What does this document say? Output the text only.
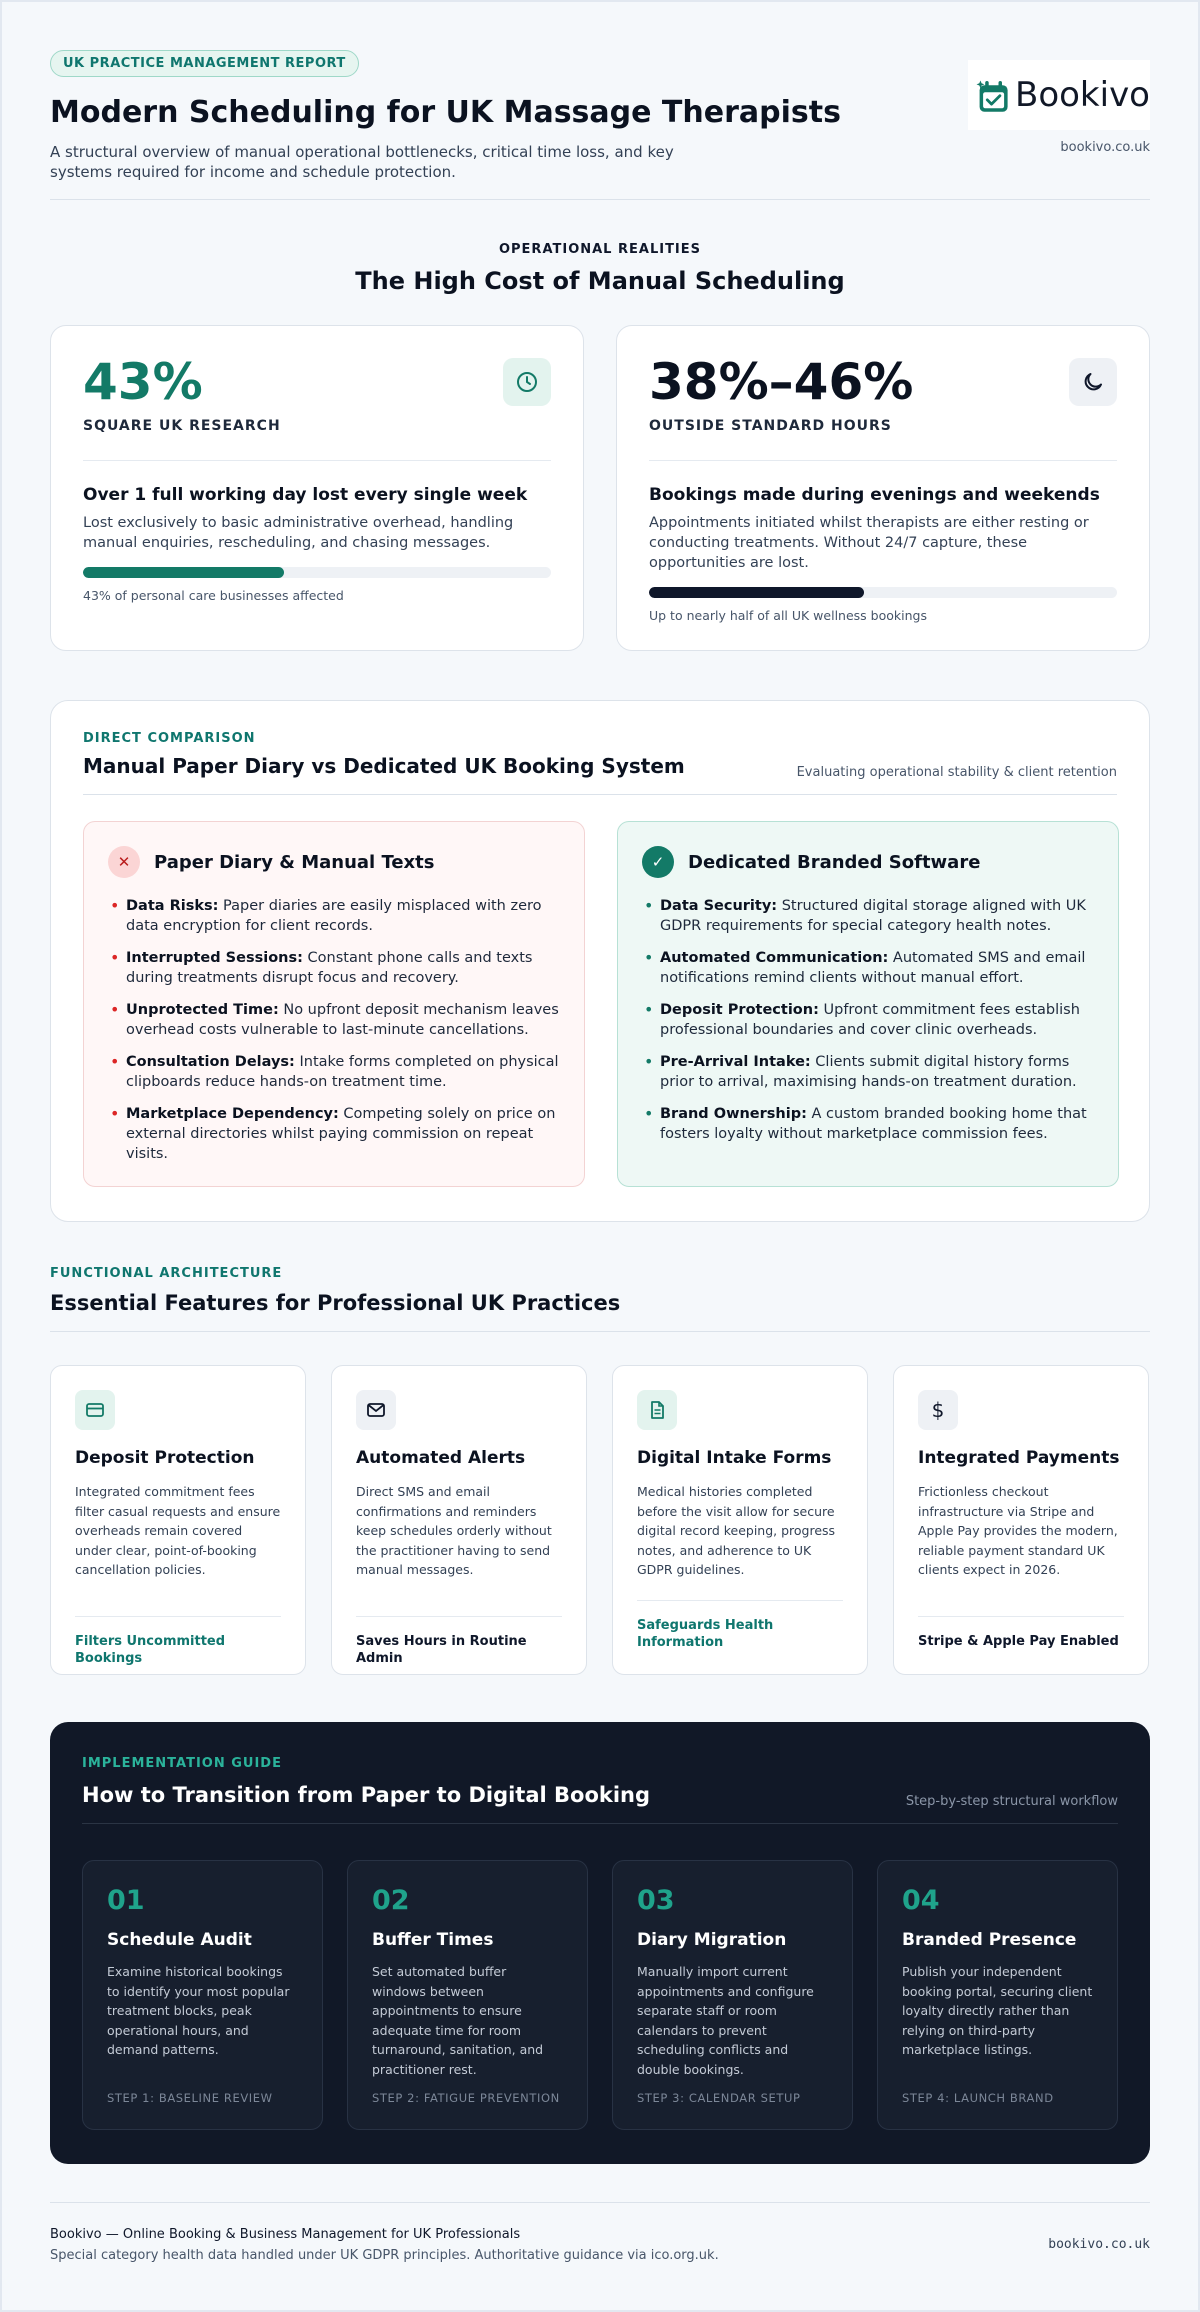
UK PRACTICE MANAGEMENT REPORT
Modern Scheduling for UK Massage Therapists
A structural overview of manual operational bottlenecks, critical time loss, and key systems required for income and schedule protection.
Bookivo
bookivo.co.uk
OPERATIONAL REALITIES
The High Cost of Manual Scheduling
43%
SQUARE UK RESEARCH
Over 1 full working day lost every single week
Lost exclusively to basic administrative overhead, handling manual enquiries, rescheduling, and chasing messages.
43% of personal care businesses affected
38%–46%
OUTSIDE STANDARD HOURS
Bookings made during evenings and weekends
Appointments initiated whilst therapists are either resting or conducting treatments. Without 24/7 capture, these opportunities are lost.
Up to nearly half of all UK wellness bookings
DIRECT COMPARISON
Manual Paper Diary vs Dedicated UK Booking System	Evaluating operational stability & client retention
✕	Paper Diary & Manual Texts
• Data Risks: Paper diaries are easily misplaced with zero data encryption for client records.
• Interrupted Sessions: Constant phone calls and texts during treatments disrupt focus and recovery.
• Unprotected Time: No upfront deposit mechanism leaves overhead costs vulnerable to last-minute cancellations.
• Consultation Delays: Intake forms completed on physical clipboards reduce hands-on treatment time.
• Marketplace Dependency: Competing solely on price on external directories whilst paying commission on repeat visits.
✓	Dedicated Branded Software
• Data Security: Structured digital storage aligned with UK GDPR requirements for special category health notes.
• Automated Communication: Automated SMS and email notifications remind clients without manual effort.
• Deposit Protection: Upfront commitment fees establish professional boundaries and cover clinic overheads.
• Pre-Arrival Intake: Clients submit digital history forms prior to arrival, maximising hands-on treatment duration.
• Brand Ownership: A custom branded booking home that fosters loyalty without marketplace commission fees.
FUNCTIONAL ARCHITECTURE
Essential Features for Professional UK Practices
Deposit Protection
Integrated commitment fees filter casual requests and ensure overheads remain covered under clear, point-of-booking cancellation policies.
Filters Uncommitted Bookings
Automated Alerts
Direct SMS and email confirmations and reminders keep schedules orderly without the practitioner having to send manual messages.
Saves Hours in Routine Admin
Digital Intake Forms
Medical histories completed before the visit allow for secure digital record keeping, progress notes, and adherence to UK GDPR guidelines.
Safeguards Health Information
$
Integrated Payments
Frictionless checkout infrastructure via Stripe and Apple Pay provides the modern, reliable payment standard UK clients expect in 2026.
Stripe & Apple Pay Enabled
IMPLEMENTATION GUIDE
How to Transition from Paper to Digital Booking	Step-by-step structural workflow
01
Schedule Audit
Examine historical bookings to identify your most popular treatment blocks, peak operational hours, and demand patterns.
STEP 1: BASELINE REVIEW
02
Buffer Times
Set automated buffer windows between appointments to ensure adequate time for room turnaround, sanitation, and practitioner rest.
STEP 2: FATIGUE PREVENTION
03
Diary Migration
Manually import current appointments and configure separate staff or room calendars to prevent scheduling conflicts and double bookings.
STEP 3: CALENDAR SETUP
04
Branded Presence
Publish your independent booking portal, securing client loyalty directly rather than relying on third-party marketplace listings.
STEP 4: LAUNCH BRAND
Bookivo — Online Booking & Business Management for UK Professionals
Special category health data handled under UK GDPR principles. Authoritative guidance via ico.org.uk.
bookivo.co.uk
